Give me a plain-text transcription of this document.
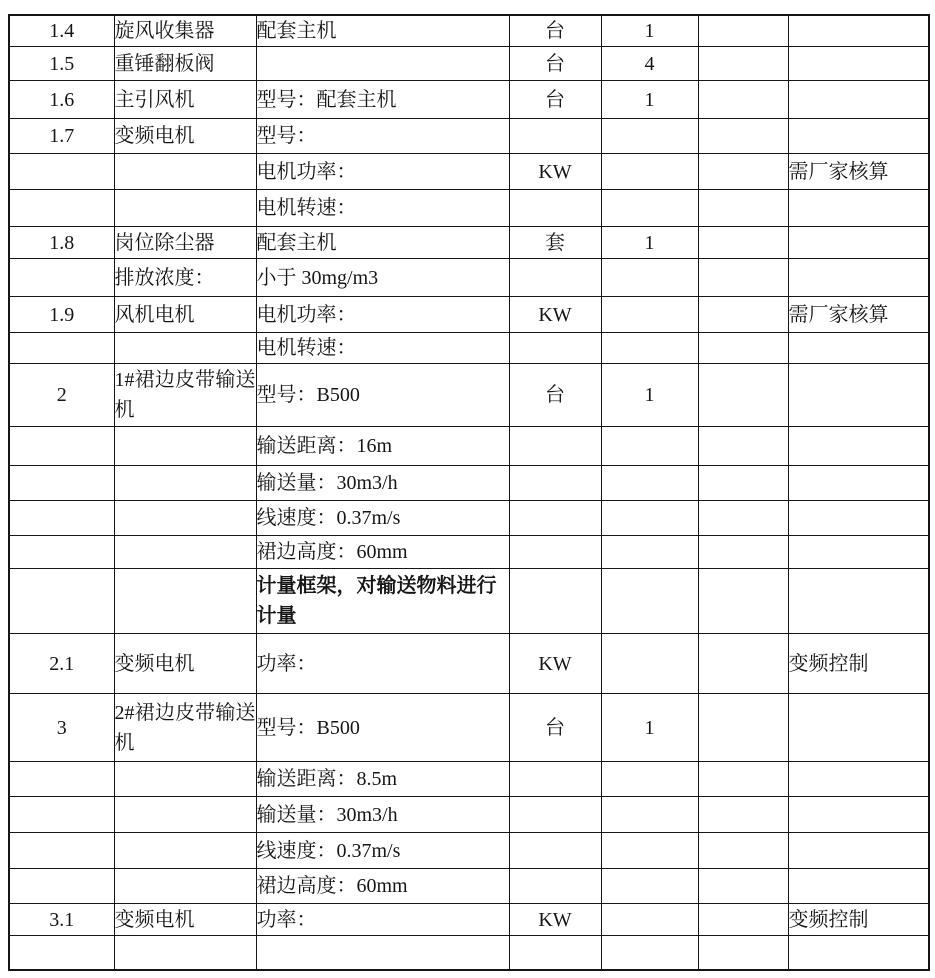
1.4	旋风收集器	配套主机	台	1		
1.5	重锤翻板阀		台	4		
1.6	主引风机	型号：配套主机	台	1		
1.7	变频电机	型号：				
		电机功率：	KW			需厂家核算
		电机转速：				
1.8	岗位除尘器	配套主机	套	1		
	排放浓度：	小于 30mg/m3				
1.9	风机电机	电机功率：	KW			需厂家核算
		电机转速：				
2	1#裙边皮带输送机	型号：B500	台	1		
		输送距离：16m				
		输送量：30m3/h				
		线速度：0.37m/s				
		裙边高度：60mm				
		计量框架，对输送物料进行计量				
2.1	变频电机	功率：	KW			变频控制
3	2#裙边皮带输送机	型号：B500	台	1		
		输送距离：8.5m				
		输送量：30m3/h				
		线速度：0.37m/s				
		裙边高度：60mm				
3.1	变频电机	功率：	KW			变频控制
